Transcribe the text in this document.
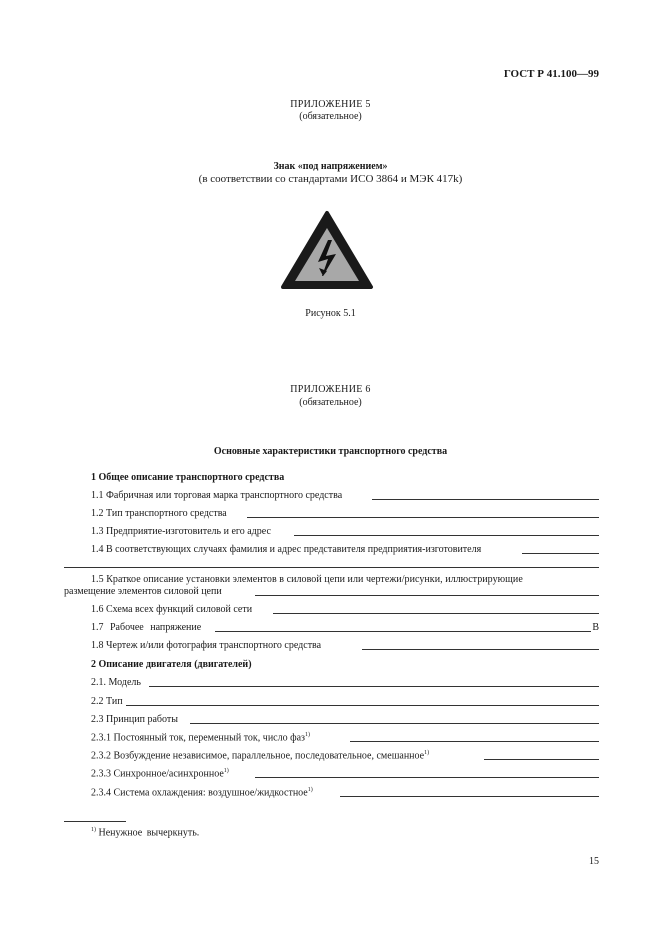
ГОСТ Р 41.100—99
ПРИЛОЖЕНИЕ 5
(обязательное)
Знак «под напряжением»
(в соответствии со стандартами ИСО 3864 и МЭК 417k)
Рисунок 5.1
ПРИЛОЖЕНИЕ 6
(обязательное)
Основные характеристики транспортного средства
1 Общее описание транспортного средства
1.1 Фабричная или торговая марка транспортного средства
1.2 Тип транспортного средства
1.3 Предприятие-изготовитель и его адрес
1.4 В соответствующих случаях фамилия и адрес представителя предприятия-изготовителя
1.5 Краткое описание установки элементов в силовой цепи или чертежи/рисунки, иллюстрирующие
размещение элементов силовой цепи
1.6 Схема всех функций силовой сети
1.7 Рабочее напряжение	В
1.8 Чертеж и/или фотография транспортного средства
2 Описание двигателя (двигателей)
2.1. Модель
2.2 Тип
2.3 Принцип работы
2.3.1 Постоянный ток, переменный ток, число фаз$^{1)}$
2.3.2 Возбуждение независимое, параллельное, последовательное, смешанное$^{1)}$
2.3.3 Синхронное/асинхронное$^{1)}$
2.3.4 Система охлаждения: воздушное/жидкостное$^{1)}$
$^{1)}$ Ненужное вычеркнуть.
15
